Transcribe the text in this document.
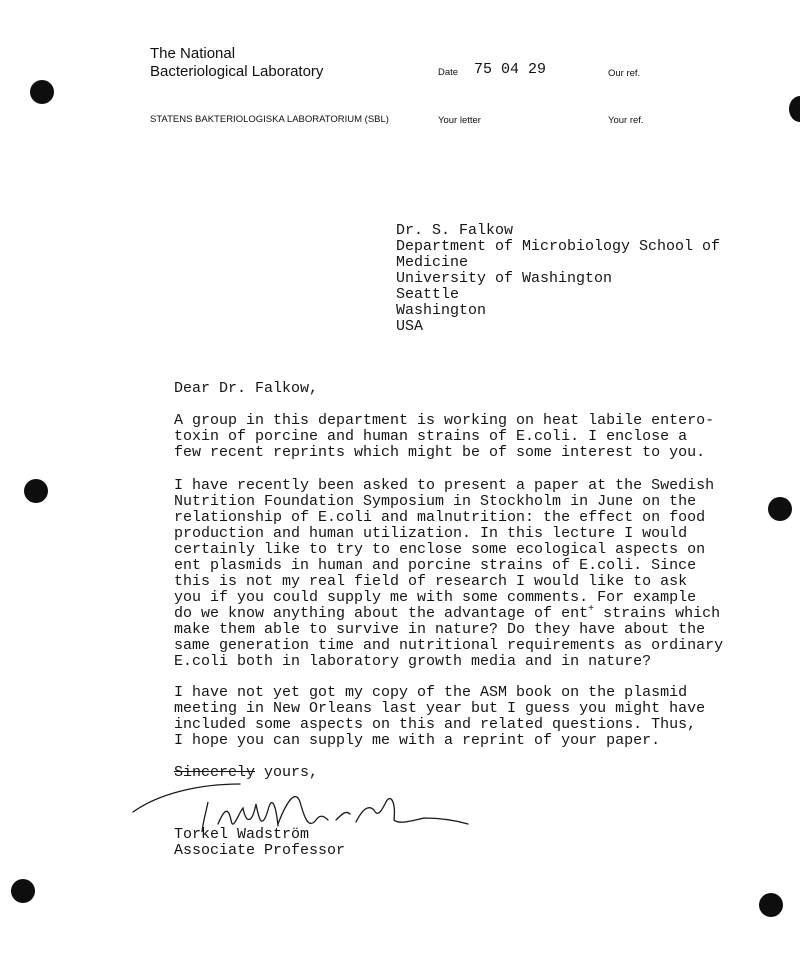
The National
Bacteriological Laboratory
STATENS BAKTERIOLOGISKA LABORATORIUM (SBL)
Date 75 04 29	Our ref.
Your letter	Your ref.
Dr. S. Falkow
Department of Microbiology School of
Medicine
University of Washington
Seattle
Washington
USA
Dear Dr. Falkow,
A group in this department is working on heat labile entero-
toxin of porcine and human strains of E.coli. I enclose a
few recent reprints which might be of some interest to you.
I have recently been asked to present a paper at the Swedish
Nutrition Foundation Symposium in Stockholm in June on the
relationship of E.coli and malnutrition: the effect on food
production and human utilization. In this lecture I would
certainly like to try to enclose some ecological aspects on
ent plasmids in human and porcine strains of E.coli. Since
this is not my real field of research I would like to ask
you if you could supply me with some comments. For example
do we know anything about the advantage of ent+ strains which
make them able to survive in nature? Do they have about the
same generation time and nutritional requirements as ordinary
E.coli both in laboratory growth media and in nature?
I have not yet got my copy of the ASM book on the plasmid
meeting in New Orleans last year but I guess you might have
included some aspects on this and related questions. Thus,
I hope you can supply me with a reprint of your paper.
Sincerely yours,
Torkel Wadström
Associate Professor
